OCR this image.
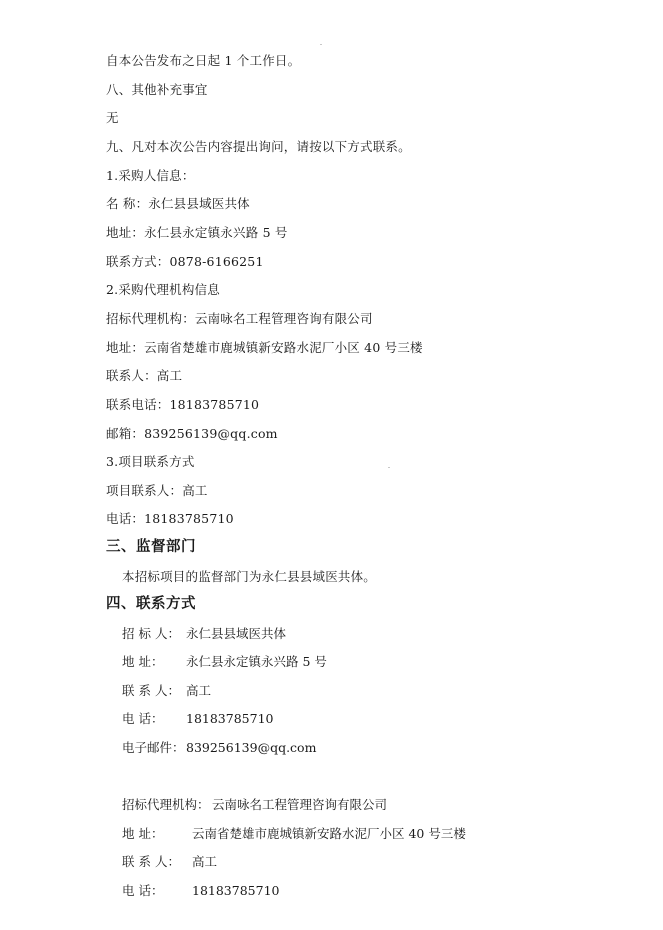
自本公告发布之日起 1 个工作日。
八、其他补充事宜
无
九、凡对本次公告内容提出询问，请按以下方式联系。
1.采购人信息：
名 称：永仁县县域医共体
地址：永仁县永定镇永兴路 5 号
联系方式：0878-6166251
2.采购代理机构信息
招标代理机构：云南咏名工程管理咨询有限公司
地址：云南省楚雄市鹿城镇新安路水泥厂小区 40 号三楼
联系人：高工
联系电话：18183785710
邮箱：839256139@qq.com
3.项目联系方式
项目联系人：高工
电话：18183785710
三、监督部门
本招标项目的监督部门为永仁县县域医共体。
四、联系方式
招 标 人： 永仁县县域医共体
地 址： 永仁县永定镇永兴路 5 号
联 系 人： 高工
电 话： 18183785710
电子邮件：839256139@qq.com
招标代理机构： 云南咏名工程管理咨询有限公司
地 址： 云南省楚雄市鹿城镇新安路水泥厂小区 40 号三楼
联 系 人： 高工
电 话： 18183785710
